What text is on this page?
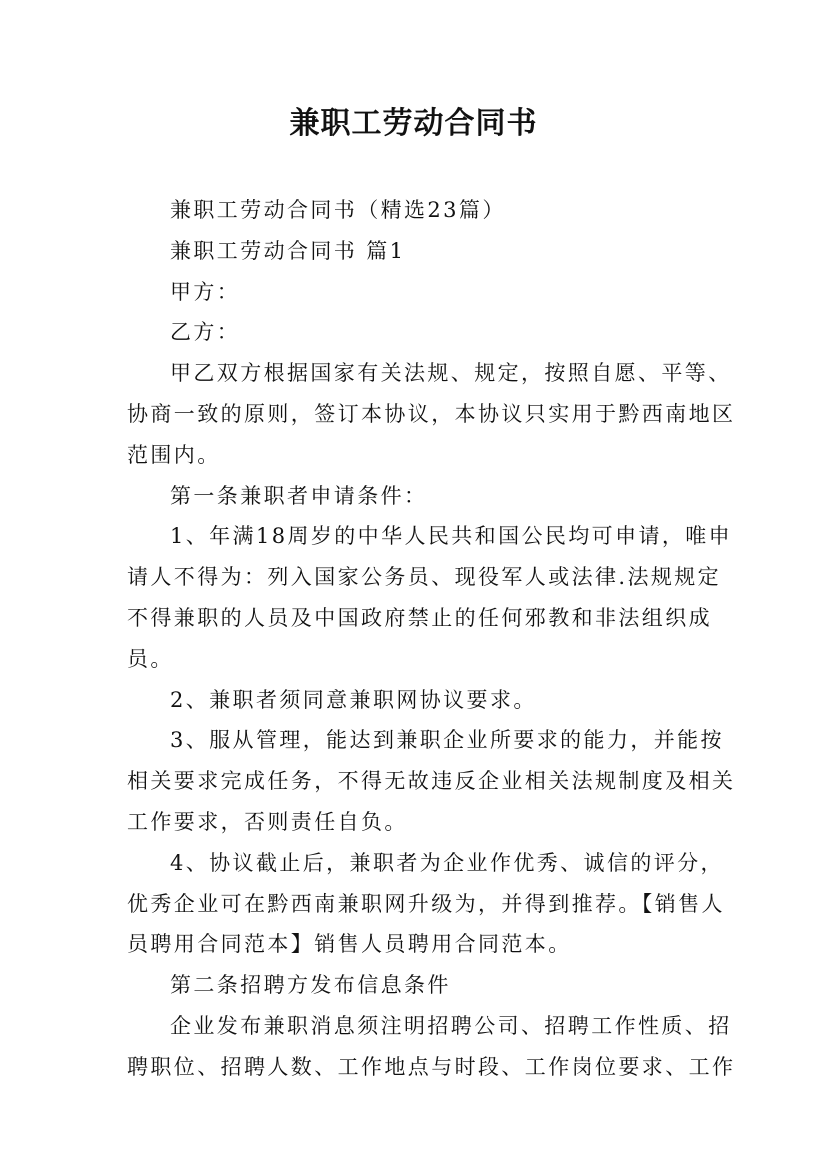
兼职工劳动合同书
兼职工劳动合同书（精选23篇）
兼职工劳动合同书 篇1
甲方：
乙方：
甲乙双方根据国家有关法规、规定，按照自愿、平等、
协商一致的原则，签订本协议，本协议只实用于黔西南地区
范围内。
第一条兼职者申请条件：
1、年满18周岁的中华人民共和国公民均可申请，唯申
请人不得为：列入国家公务员、现役军人或法律.法规规定
不得兼职的人员及中国政府禁止的任何邪教和非法组织成
员。
2、兼职者须同意兼职网协议要求。
3、服从管理，能达到兼职企业所要求的能力，并能按
相关要求完成任务，不得无故违反企业相关法规制度及相关
工作要求，否则责任自负。
4、协议截止后，兼职者为企业作优秀、诚信的评分，
优秀企业可在黔西南兼职网升级为，并得到推荐。【销售人
员聘用合同范本】销售人员聘用合同范本。
第二条招聘方发布信息条件
企业发布兼职消息须注明招聘公司、招聘工作性质、招
聘职位、招聘人数、工作地点与时段、工作岗位要求、工作
